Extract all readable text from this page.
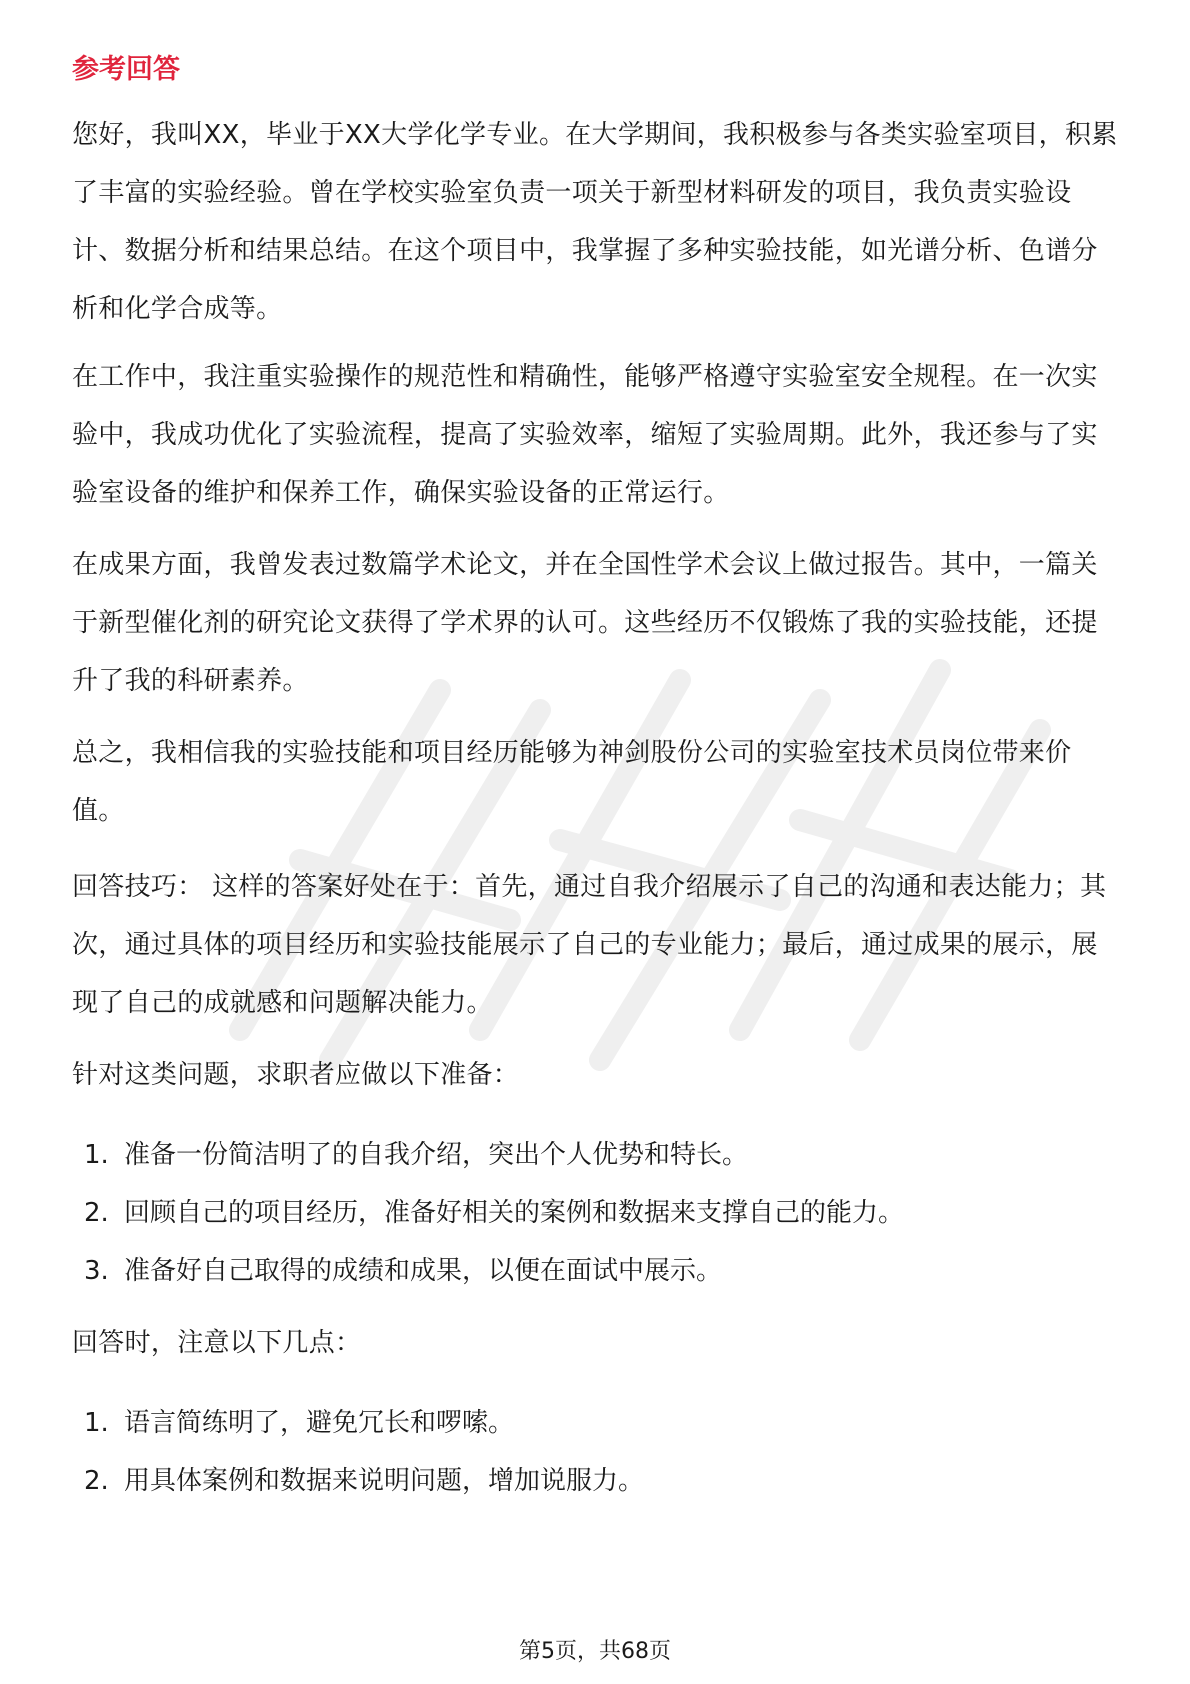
参考回答

您好，我叫XX，毕业于XX大学化学专业。在大学期间，我积极参与各类实验室项目，积累了丰富的实验经验。曾在学校实验室负责一项关于新型材料研发的项目，我负责实验设计、数据分析和结果总结。在这个项目中，我掌握了多种实验技能，如光谱分析、色谱分析和化学合成等。

在工作中，我注重实验操作的规范性和精确性，能够严格遵守实验室安全规程。在一次实验中，我成功优化了实验流程，提高了实验效率，缩短了实验周期。此外，我还参与了实验室设备的维护和保养工作，确保实验设备的正常运行。

在成果方面，我曾发表过数篇学术论文，并在全国性学术会议上做过报告。其中，一篇关于新型催化剂的研究论文获得了学术界的认可。这些经历不仅锻炼了我的实验技能，还提升了我的科研素养。

总之，我相信我的实验技能和项目经历能够为神剑股份公司的实验室技术员岗位带来价值。

回答技巧： 这样的答案好处在于：首先，通过自我介绍展示了自己的沟通和表达能力；其次，通过具体的项目经历和实验技能展示了自己的专业能力；最后，通过成果的展示，展现了自己的成就感和问题解决能力。

针对这类问题，求职者应做以下准备：

1. 准备一份简洁明了的自我介绍，突出个人优势和特长。
2. 回顾自己的项目经历，准备好相关的案例和数据来支撑自己的能力。
3. 准备好自己取得的成绩和成果，以便在面试中展示。

回答时，注意以下几点：

1. 语言简练明了，避免冗长和啰嗦。
2. 用具体案例和数据来说明问题，增加说服力。
第5页，共68页
